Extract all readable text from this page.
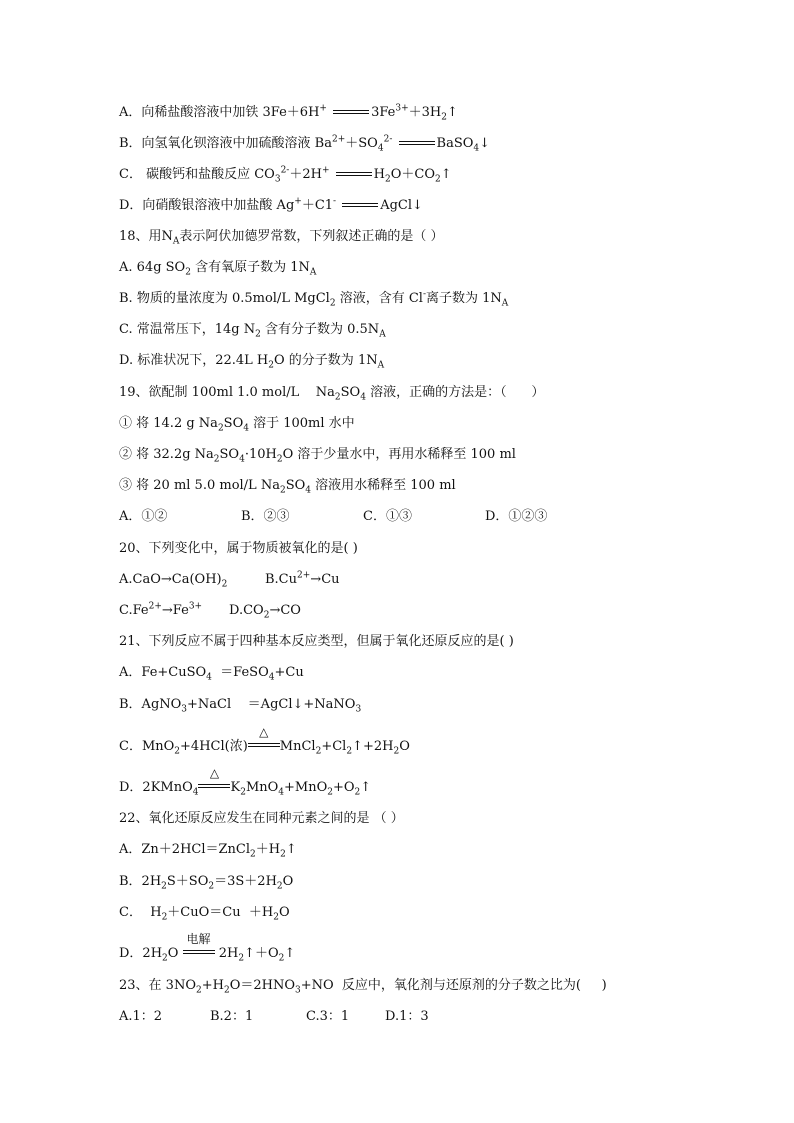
A．向稀盐酸溶液中加铁 3Fe＋6H+	$3Fe^{3+}+3H_2↑$
B．向氢氧化钡溶液中加硫酸溶液 $Ba^{2+}+SO_4^{2-}$	BaSO$_4$↓
C． 碳酸钙和盐酸反应 $CO_3^{2-}+2H^+$	$H_2O+CO_2↑$
D．向硝酸银溶液中加盐酸 Ag+＋C1-	AgCl↓
18、用$N_A$表示阿伏加德罗常数，下列叙述正确的是（ ）
A. 64g $SO_2$ 含有氧原子数为 $1N_A$
B. 物质的量浓度为 0.5mol/L MgCl$_2$ 溶液，含有 Cl-离子数为 $1N_A$
C. 常温常压下，14g $N_2$ 含有分子数为 $0.5N_A$
D. 标准状况下，22.4L $H_2O$ 的分子数为 $1N_A$
19、欲配制 100ml 1.0 mol/L    $Na_2SO_4$ 溶液，正确的方法是：（      ）
① 将 14.2 g $Na_2SO_4$ 溶于 100ml 水中
② 将 32.2g $Na_2SO_4\cdot 10H_2O$ 溶于少量水中，再用水稀释至 100 ml
③ 将 20 ml 5.0 mol/L $Na_2SO_4$ 溶液用水稀释至 100 ml
A．①②	B．②③	C．①③	D．①②③
20、下列变化中，属于物质被氧化的是( )
$A.CaO\to Ca(OH)_2$	$B.Cu^{2+}\to Cu$
$C.Fe^{2+}\to Fe^{3+}$ $D.CO_2\to CO$
21、下列反应不属于四种基本反应类型，但属于氧化还原反应的是( )
A．Fe+CuSO$_4$  ＝FeSO$_4$+Cu
B．AgNO$_3$+NaCl    ＝AgCl↓+NaNO$_3$
C．MnO$_2$+4HCl(浓)
△
$MnCl_2+Cl_2↑+2H_2O$
D．2KMnO$_4$
△
$K_2MnO_4+MnO_2+O_2↑$
22、氧化还原反应发生在同种元素之间的是 （ ）
A．$Zn+2HCl=ZnCl_2+H_2↑$
B．$2H_2S+SO_2=3S+2H_2O$
C．  $H_2+CuO=Cu +H_2O$
D．$2H_2O$
电解
$2H_2↑+O_2↑$
23、在 $3NO_2+H_2O=2HNO_3+NO$  反应中，氧化剂与还原剂的分子数之比为(     )
A.1：2	B.2：1	C.3：1	D.1：3
